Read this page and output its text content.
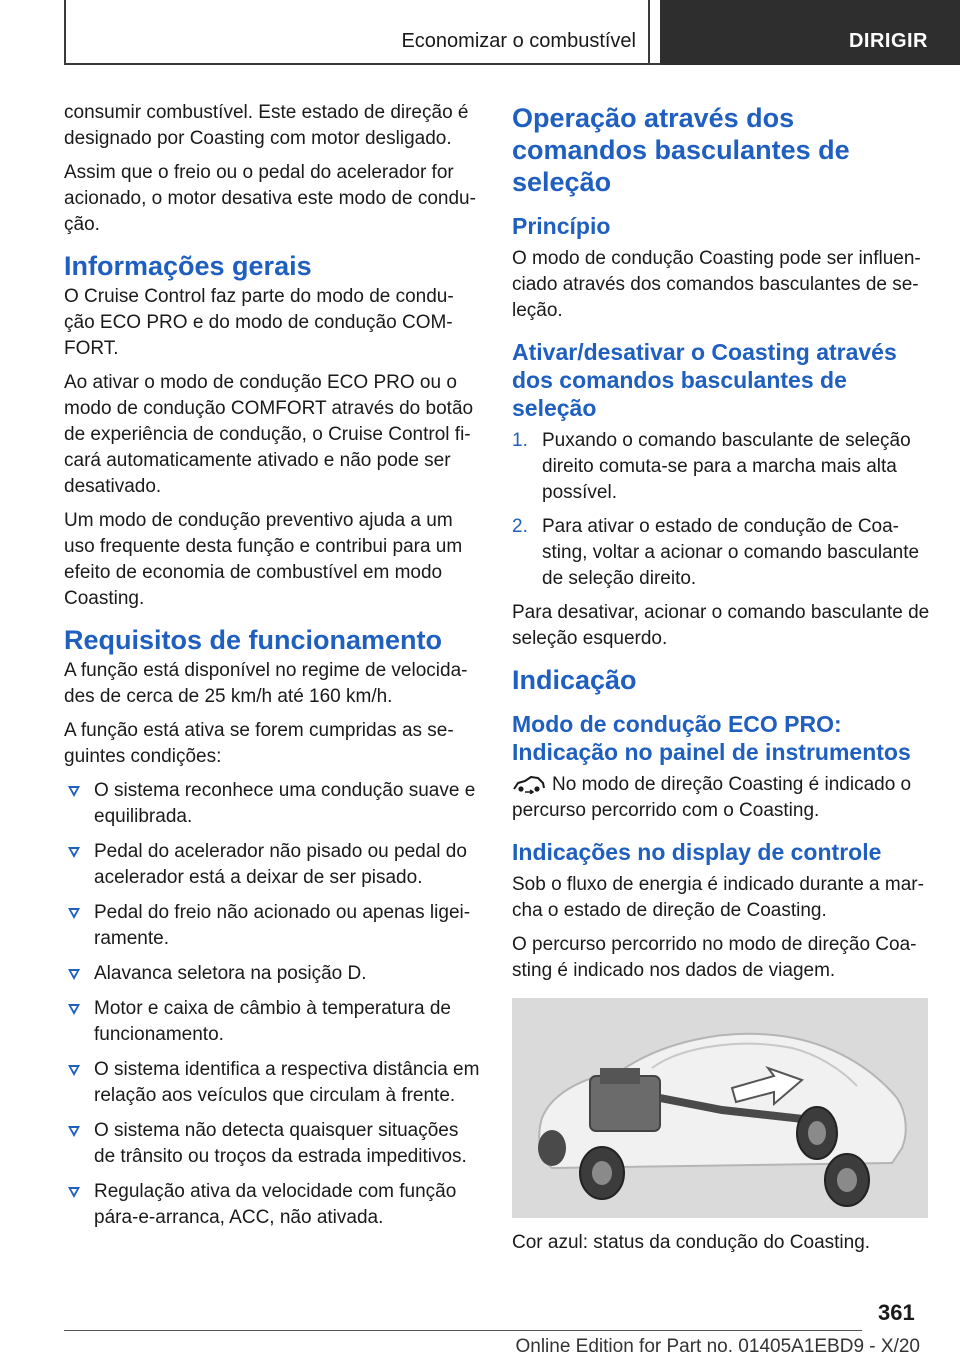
Economizar o combustível	DIRIGIR

consumir combustível. Este estado de direção é designado por Coasting com motor desligado.

Assim que o freio ou o pedal do acelerador for acionado, o motor desativa este modo de condu-ção.

Informações gerais

O Cruise Control faz parte do modo de condu-ção ECO PRO e do modo de condução COM-FORT.

Ao ativar o modo de condução ECO PRO ou o modo de condução COMFORT através do botão de experiência de condução, o Cruise Control fi-cará automaticamente ativado e não pode ser desativado.

Um modo de condução preventivo ajuda a um uso frequente desta função e contribui para um efeito de economia de combustível em modo Coasting.

Requisitos de funcionamento

A função está disponível no regime de velocida-des de cerca de 25 km/h até 160 km/h.

A função está ativa se forem cumpridas as se-guintes condições:

O sistema reconhece uma condução suave e equilibrada.
Pedal do acelerador não pisado ou pedal do acelerador está a deixar de ser pisado.
Pedal do freio não acionado ou apenas ligei-ramente.
Alavanca seletora na posição D.
Motor e caixa de câmbio à temperatura de funcionamento.
O sistema identifica a respectiva distância em relação aos veículos que circulam à frente.
O sistema não detecta quaisquer situações de trânsito ou troços da estrada impeditivos.
Regulação ativa da velocidade com função pára-e-arranca, ACC, não ativada.
Operação através dos comandos basculantes de seleção
Princípio

O modo de condução Coasting pode ser influen-ciado através dos comandos basculantes de se-leção.

Ativar/desativar o Coasting através dos comandos basculantes de seleção
1. Puxando o comando basculante de seleção direito comuta-se para a marcha mais alta possível.
2. Para ativar o estado de condução de Coa-sting, voltar a acionar o comando basculante de seleção direito.

Para desativar, acionar o comando basculante de seleção esquerdo.

Indicação
Modo de condução ECO PRO: Indicação no painel de instrumentos

No modo de direção Coasting é indicado o percurso percorrido com o Coasting.

Indicações no display de controle

Sob o fluxo de energia é indicado durante a mar-cha o estado de direção de Coasting.

O percurso percorrido no modo de direção Coa-sting é indicado nos dados de viagem.

Cor azul: status da condução do Coasting.

361
Online Edition for Part no. 01405A1EBD9 - X/20
